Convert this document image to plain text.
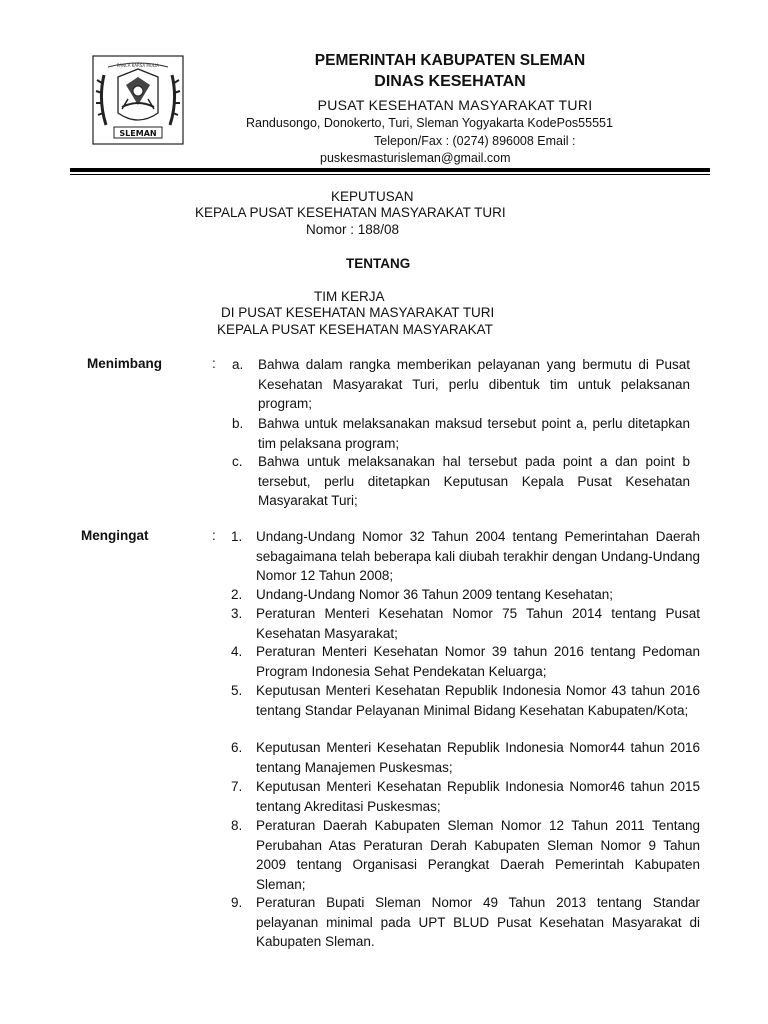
PANCA KARSA MULIA
SLEMAN
PEMERINTAH KABUPATEN SLEMAN
DINAS KESEHATAN
PUSAT KESEHATAN MASYARAKAT TURI
Randusongo, Donokerto, Turi, Sleman Yogyakarta KodePos55551
Telepon/Fax : (0274) 896008 Email :
puskesmasturisleman@gmail.com
KEPUTUSAN
KEPALA PUSAT KESEHATAN MASYARAKAT TURI
Nomor : 188/08
TENTANG
TIM KERJA
DI PUSAT KESEHATAN MASYARAKAT TURI
KEPALA PUSAT KESEHATAN MASYARAKAT
Menimbang	: a. Bahwa dalam rangka memberikan pelayanan yang bermutu di Pusat Kesehatan Masyarakat Turi, perlu dibentuk tim untuk pelaksanan program;
b. Bahwa untuk melaksanakan maksud tersebut point a, perlu ditetapkan tim pelaksana program;
c. Bahwa untuk melaksanakan hal tersebut pada point a dan point b tersebut, perlu ditetapkan Keputusan Kepala Pusat Kesehatan Masyarakat Turi;
Mengingat	: 1. Undang-Undang Nomor 32 Tahun 2004 tentang Pemerintahan Daerah sebagaimana telah beberapa kali diubah terakhir dengan Undang-Undang Nomor 12 Tahun 2008;
2. Undang-Undang Nomor 36 Tahun 2009 tentang Kesehatan;
3. Peraturan Menteri Kesehatan Nomor 75 Tahun 2014 tentang Pusat Kesehatan Masyarakat;
4. Peraturan Menteri Kesehatan Nomor 39 tahun 2016 tentang Pedoman Program Indonesia Sehat Pendekatan Keluarga;
5. Keputusan Menteri Kesehatan Republik Indonesia Nomor 43 tahun 2016 tentang Standar Pelayanan Minimal Bidang Kesehatan Kabupaten/Kota;
6. Keputusan Menteri Kesehatan Republik Indonesia Nomor44 tahun 2016 tentang Manajemen Puskesmas;
7. Keputusan Menteri Kesehatan Republik Indonesia Nomor46 tahun 2015 tentang Akreditasi Puskesmas;
8. Peraturan Daerah Kabupaten Sleman Nomor 12 Tahun 2011 Tentang Perubahan Atas Peraturan Derah Kabupaten Sleman Nomor 9 Tahun 2009 tentang Organisasi Perangkat Daerah Pemerintah Kabupaten Sleman;
9. Peraturan Bupati Sleman Nomor 49 Tahun 2013 tentang Standar pelayanan minimal pada UPT BLUD Pusat Kesehatan Masyarakat di Kabupaten Sleman.
